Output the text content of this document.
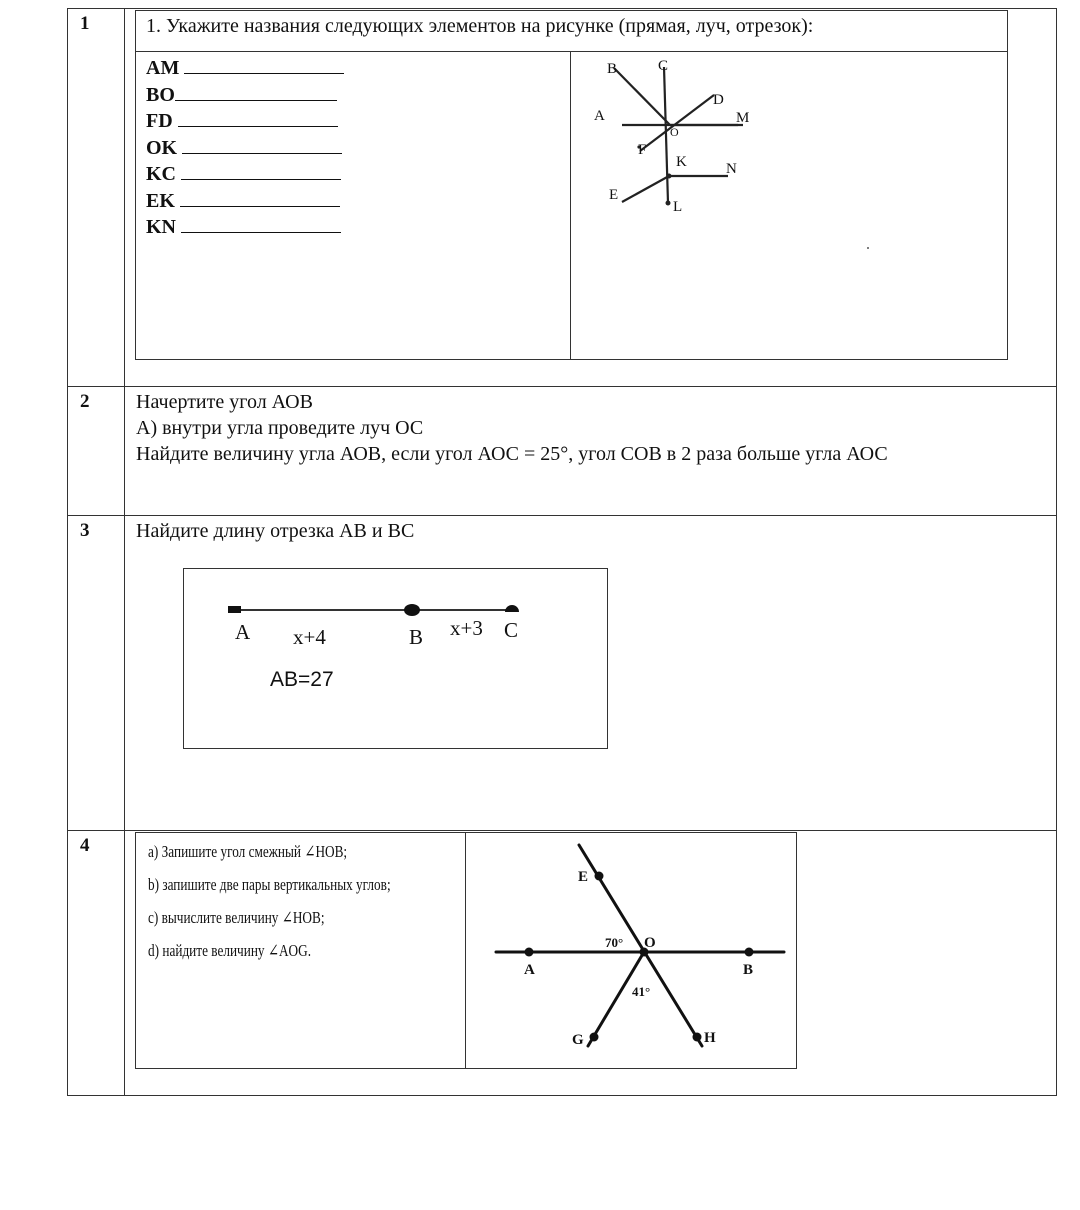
1	1. Укажите названия следующих элементов на рисунке (прямая, луч, отрезок):
AM
BO
FD
OK
KC
EK
KN
B	C
D
A	M
O
F
K	N
E
L
2 Начертите угол АОВ
А) внутри угла проведите луч ОС
Найдите величину угла АОВ, если угол АОС = 25°, угол СОВ в 2 раза больше угла АОС
3 Найдите длину отрезка АВ и ВС
A x+4	B x+3 C
AB=27
4	а) Запишите угол смежный ∠HOB;
b) запишите две пары вертикальных углов;
с) вычислите величину ∠HOB;
d) найдите величину ∠AOG.
E
O
A	B
G	H
70°
41°
